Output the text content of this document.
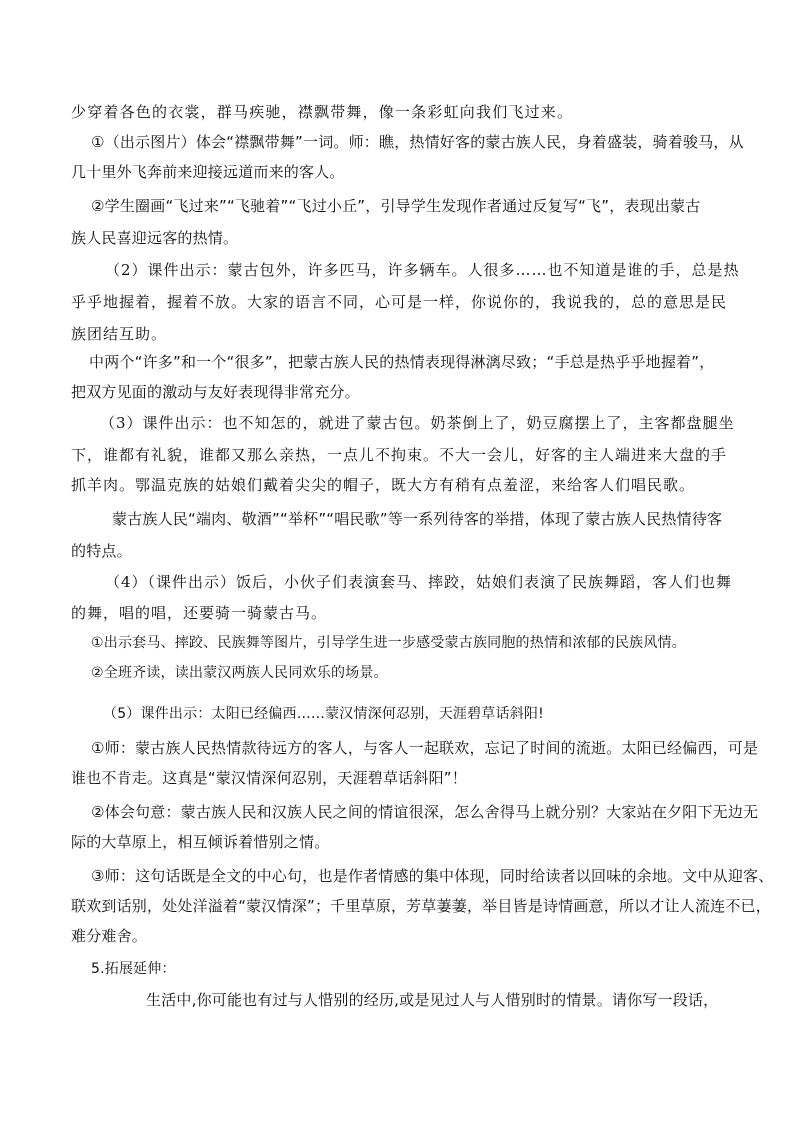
少穿着各色的衣裳，群马疾驰，襟飘带舞，像一条彩虹向我们飞过来。
①（出示图片）体会“襟飘带舞”一词。师：瞧，热情好客的蒙古族人民，身着盛装，骑着骏马，从
几十里外飞奔前来迎接远道而来的客人。
②学生圈画“飞过来”“飞驰着”“飞过小丘”，引导学生发现作者通过反复写“飞”，表现出蒙古
族人民喜迎远客的热情。
（2）课件出示：蒙古包外，许多匹马，许多辆车。人很多……也不知道是谁的手，总是热
乎乎地握着，握着不放。大家的语言不同，心可是一样，你说你的，我说我的，总的意思是民
族团结互助。
中两个“许多”和一个“很多”，把蒙古族人民的热情表现得淋漓尽致；“手总是热乎乎地握着”，
把双方见面的激动与友好表现得非常充分。
（3）课件出示：也不知怎的，就进了蒙古包。奶茶倒上了，奶豆腐摆上了，主客都盘腿坐
下，谁都有礼貌，谁都又那么亲热，一点儿不拘束。不大一会儿，好客的主人端进来大盘的手
抓羊肉。鄂温克族的姑娘们戴着尖尖的帽子，既大方有稍有点羞涩，来给客人们唱民歌。
蒙古族人民“端肉、敬酒”“举杯”“唱民歌”等一系列待客的举措，体现了蒙古族人民热情待客
的特点。
（4）（课件出示）饭后，小伙子们表演套马、摔跤，姑娘们表演了民族舞蹈，客人们也舞
的舞，唱的唱，还要骑一骑蒙古马。
①出示套马、摔跤、民族舞等图片，引导学生进一步感受蒙古族同胞的热情和浓郁的民族风情。
②全班齐读，读出蒙汉两族人民同欢乐的场景。
（5）课件出示：太阳已经偏西……蒙汉情深何忍别，天涯碧草话斜阳!
①师：蒙古族人民热情款待远方的客人，与客人一起联欢，忘记了时间的流逝。太阳已经偏西，可是
谁也不肯走。这真是“蒙汉情深何忍别，天涯碧草话斜阳”！
②体会句意：蒙古族人民和汉族人民之间的情谊很深，怎么舍得马上就分别？大家站在夕阳下无边无
际的大草原上，相互倾诉着惜别之情。
③师：这句话既是全文的中心句，也是作者情感的集中体现，同时给读者以回味的余地。文中从迎客、
联欢到话别，处处洋溢着“蒙汉情深”；千里草原，芳草萋萋，举目皆是诗情画意，所以才让人流连不已，
难分难舍。
5.拓展延伸：
生活中,你可能也有过与人惜别的经历,或是见过人与人惜别时的情景。请你写一段话，
